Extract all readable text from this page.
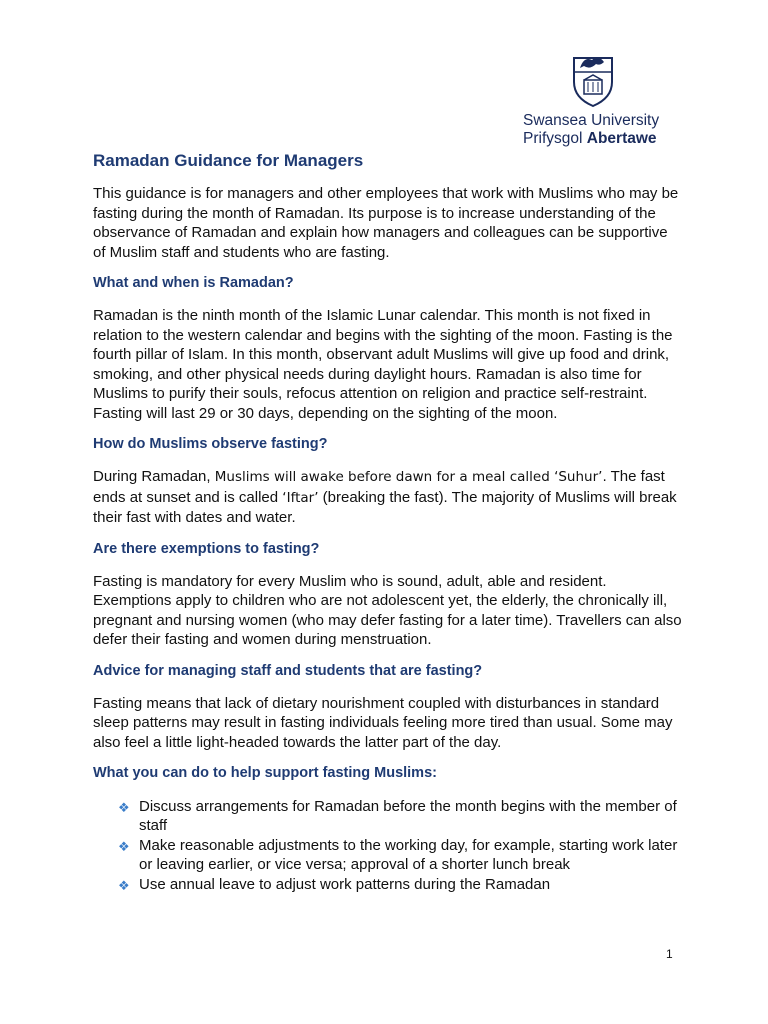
Swansea University
Prifysgol Abertawe
Ramadan Guidance for Managers

This guidance is for managers and other employees that work with Muslims who may be fasting during the month of Ramadan. Its purpose is to increase understanding of the observance of Ramadan and explain how managers and colleagues can be supportive of Muslim staff and students who are fasting.

What and when is Ramadan?

Ramadan is the ninth month of the Islamic Lunar calendar. This month is not fixed in relation to the western calendar and begins with the sighting of the moon. Fasting is the fourth pillar of Islam. In this month, observant adult Muslims will give up food and drink, smoking, and other physical needs during daylight hours. Ramadan is also time for Muslims to purify their souls, refocus attention on religion and practice self-restraint. Fasting will last 29 or 30 days, depending on the sighting of the moon.

How do Muslims observe fasting?

During Ramadan, Muslims will awake before dawn for a meal called ‘Suhur’. The fast ends at sunset and is called ‘Iftar’ (breaking the fast). The majority of Muslims will break their fast with dates and water.

Are there exemptions to fasting?

Fasting is mandatory for every Muslim who is sound, adult, able and resident. Exemptions apply to children who are not adolescent yet, the elderly, the chronically ill, pregnant and nursing women (who may defer fasting for a later time). Travellers can also defer their fasting and women during menstruation.

Advice for managing staff and students that are fasting?

Fasting means that lack of dietary nourishment coupled with disturbances in standard sleep patterns may result in fasting individuals feeling more tired than usual. Some may also feel a little light-headed towards the latter part of the day.

What you can do to help support fasting Muslims:
❖ Discuss arrangements for Ramadan before the month begins with the member of staff
❖ Make reasonable adjustments to the working day, for example, starting work later or leaving earlier, or vice versa; approval of a shorter lunch break
❖ Use annual leave to adjust work patterns during the Ramadan
1
